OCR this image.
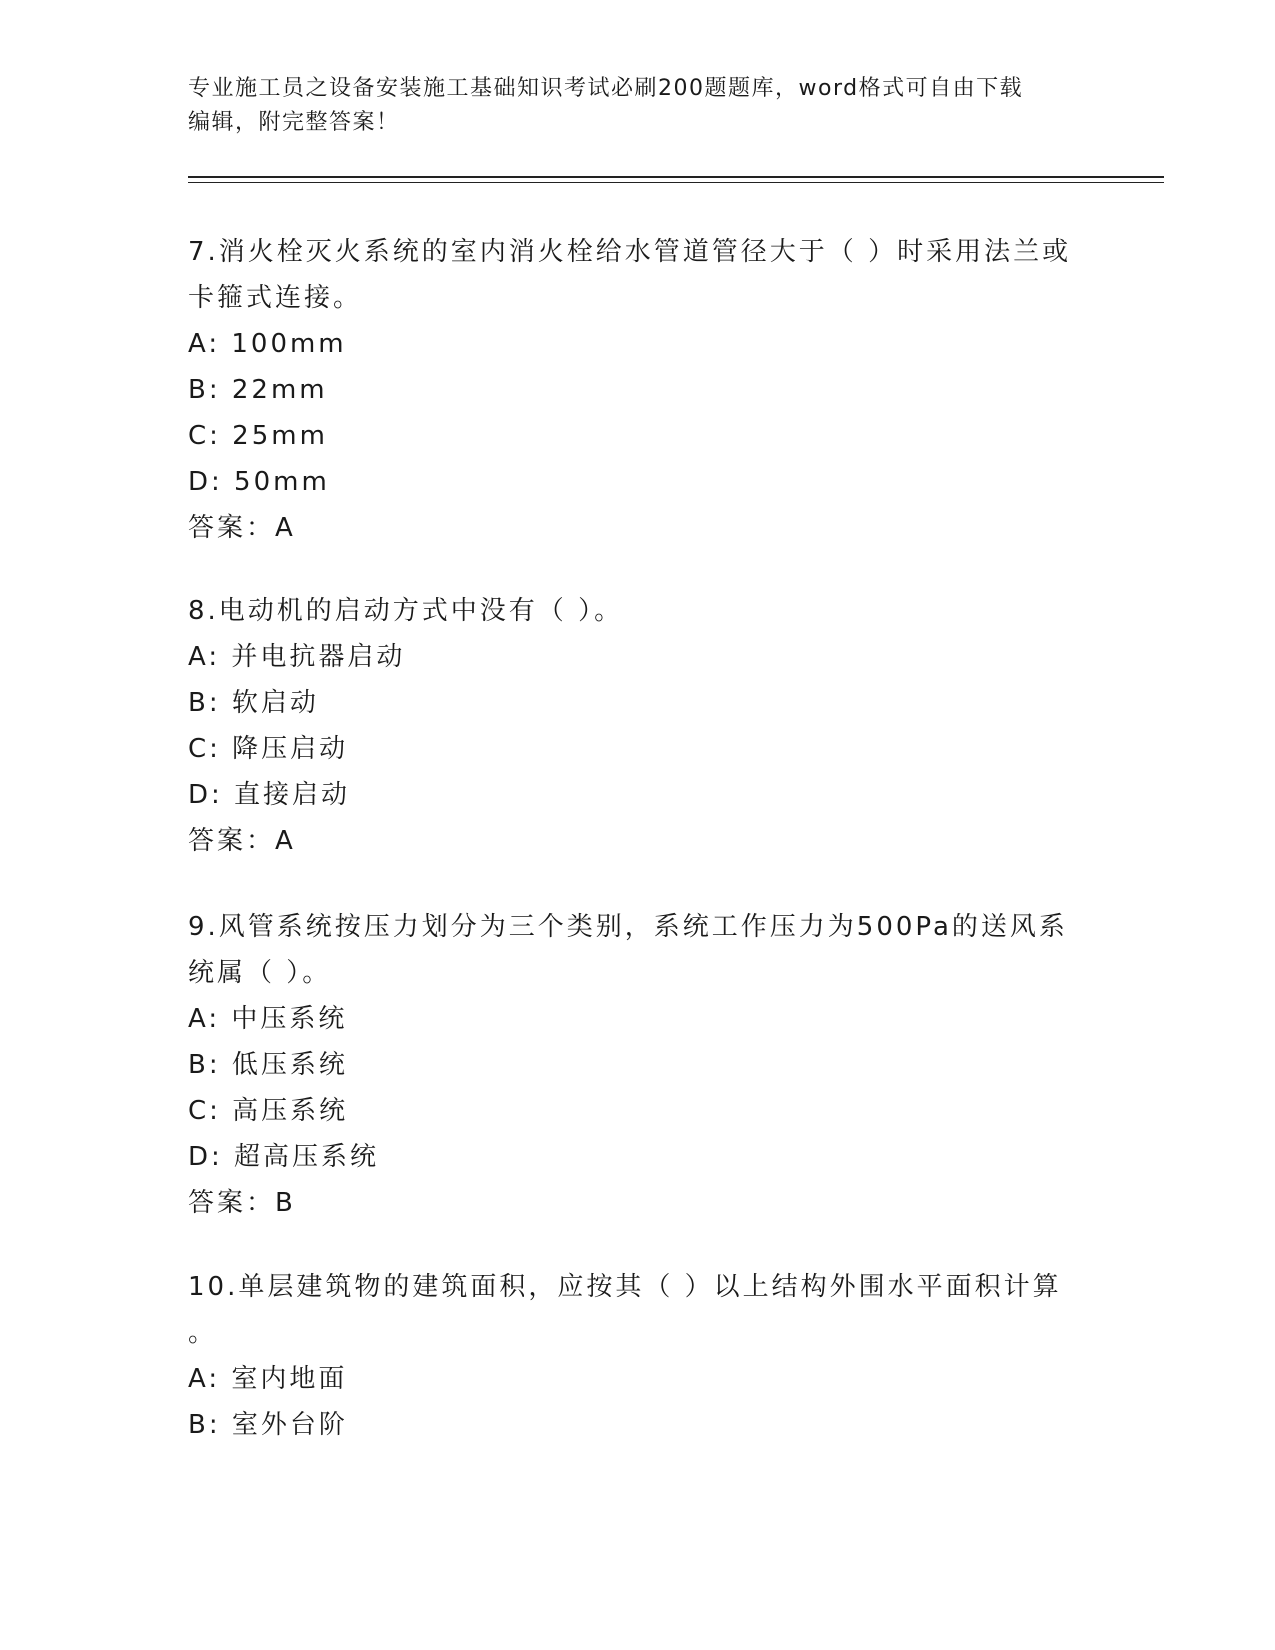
专业施工员之设备安装施工基础知识考试必刷200题题库，word格式可自由下载
编辑，附完整答案！
7.消火栓灭火系统的室内消火栓给水管道管径大于（ ）时采用法兰或
卡箍式连接。
A: 100mm
B: 22mm
C: 25mm
D: 50mm
答案：A
8.电动机的启动方式中没有（ ）。
A: 并电抗器启动
B: 软启动
C: 降压启动
D: 直接启动
答案：A
9.风管系统按压力划分为三个类别，系统工作压力为500Pa的送风系
统属（ ）。
A: 中压系统
B: 低压系统
C: 高压系统
D: 超高压系统
答案：B
10.单层建筑物的建筑面积，应按其（ ）以上结构外围水平面积计算
。
A: 室内地面
B: 室外台阶
